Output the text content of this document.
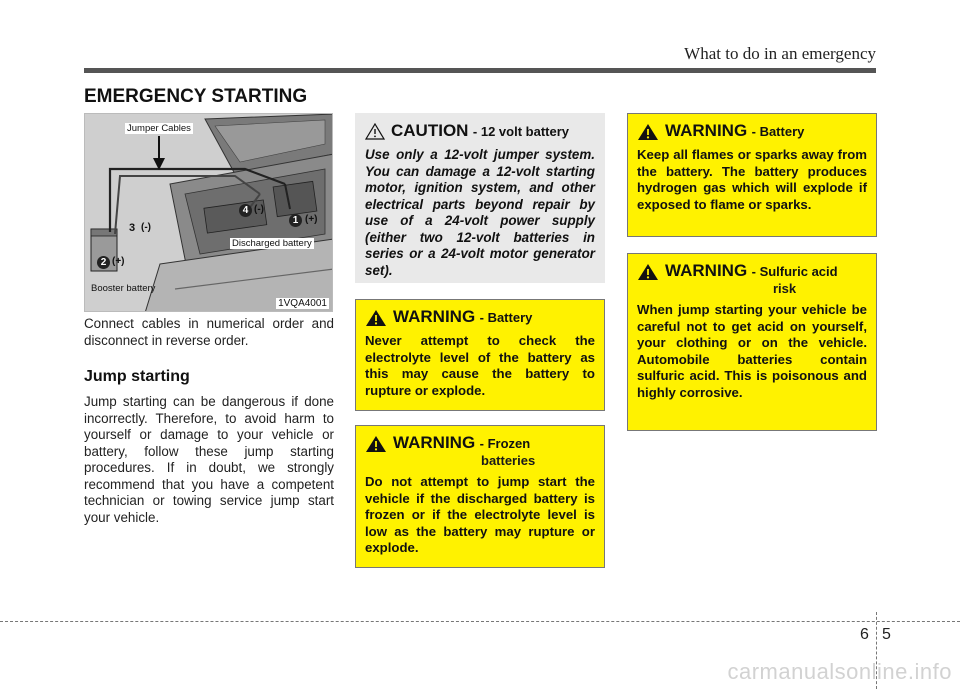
What to do in an emergency
EMERGENCY STARTING
Jumper Cables
Discharged battery
Booster battery
1VQA4001
1 (+)
2 (+)
3 (-)
4 (-)
Connect cables in numerical order and disconnect in reverse order.
Jump starting
Jump starting can be dangerous if done incorrectly. Therefore, to avoid harm to yourself or damage to your vehicle or battery, follow these jump starting procedures. If in doubt, we strongly recommend that you have a competent technician or towing service jump start your vehicle.
CAUTION - 12 volt battery
Use only a 12-volt jumper system. You can damage a 12-volt starting motor, ignition system, and other electrical parts beyond repair by use of a 24-volt power supply (either two 12-volt batteries in series or a 24-volt motor generator set).
WARNING - Battery
Never attempt to check the electrolyte level of the battery as this may cause the battery to rupture or explode.
WARNING - Frozen
batteries
Do not attempt to jump start the vehicle if the discharged battery is frozen or if the electrolyte level is low as the battery may rupture or explode.
WARNING - Battery
Keep all flames or sparks away from the battery. The battery produces hydrogen gas which will explode if exposed to flame or sparks.
WARNING - Sulfuric acid
risk
When jump starting your vehicle be careful not to get acid on yourself, your clothing or on the vehicle. Automobile batteries contain sulfuric acid. This is poisonous and highly corrosive.
6 5
carmanualsonline.info
